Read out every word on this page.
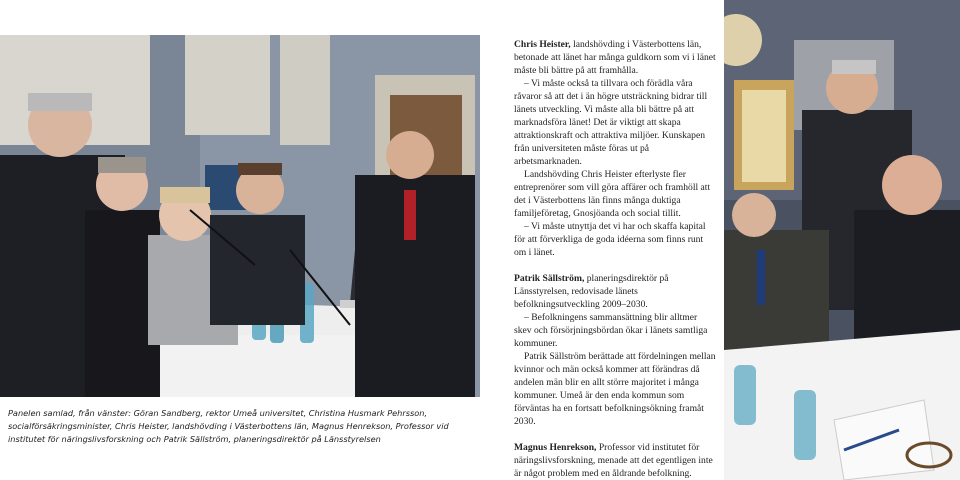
Panelen samlad, från vänster: Göran Sandberg, rektor Umeå universitet, Christina Husmark Pehrsson, socialförsäkringsminister, Chris Heister, landshövding i Västerbottens län, Magnus Henrekson, Professor vid institutet för näringslivsforskning och Patrik Sällström, planeringsdirektör på Länsstyrelsen

Chris Heister, landshövding i Västerbottens län, betonade att länet har många guldkorn som vi i länet måste bli bättre på att framhålla.

– Vi måste också ta tillvara och förädla våra råvaror så att det i än högre utsträckning bidrar till länets utveckling. Vi måste alla bli bättre på att marknadsföra länet! Det är viktigt att skapa attraktionskraft och attraktiva miljöer. Kunskapen från universiteten måste föras ut på arbetsmarknaden.

Landshövding Chris Heister efterlyste fler entreprenörer som vill göra affärer och framhöll att det i Västerbottens län finns många duktiga familjeföretag, Gnosjöanda och social tillit.

– Vi måste utnyttja det vi har och skaffa kapital för att förverkliga de goda idéerna som finns runt om i länet.

Patrik Sällström, planeringsdirektör på Länsstyrelsen, redovisade länets befolkningsutveckling 2009–2030.

– Befolkningens sammansättning blir alltmer skev och försörjningsbördan ökar i länets samtliga kommuner.

Patrik Sällström berättade att fördelningen mellan kvinnor och män också kommer att förändras då andelen män blir en allt större majoritet i många kommuner. Umeå är den enda kommun som förväntas ha en fortsatt befolkningsökning framåt 2030.

Magnus Henrekson, Professor vid institutet för näringslivsforskning, menade att det egentligen inte är något problem med en åldrande befolkning.
